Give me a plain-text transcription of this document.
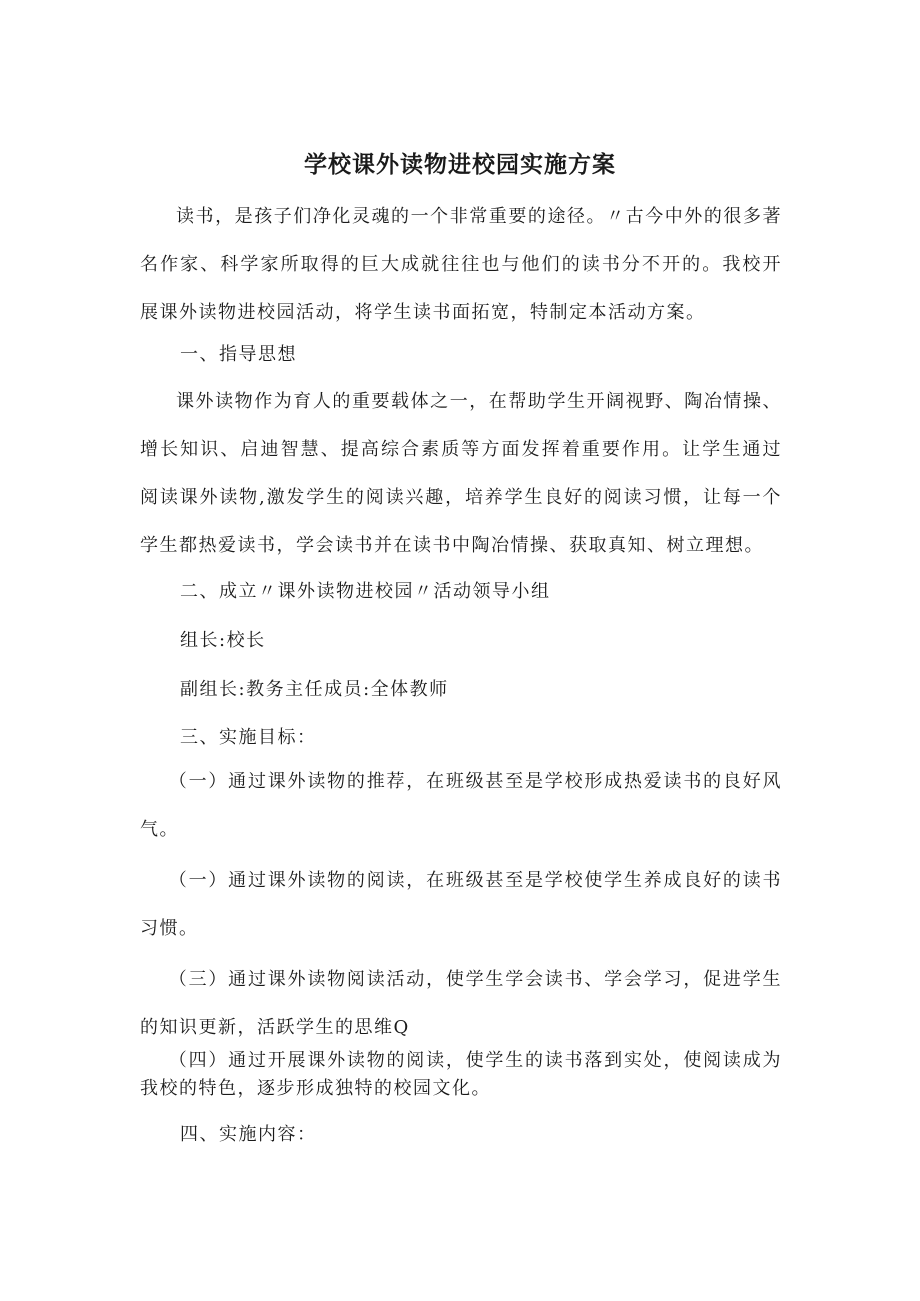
学校课外读物进校园实施方案
读书，是孩子们净化灵魂的一个非常重要的途径。〃古今中外的很多著名作家、科学家所取得的巨大成就往往也与他们的读书分不开的。我校开展课外读物进校园活动，将学生读书面拓宽，特制定本活动方案。
一、指导思想
课外读物作为育人的重要载体之一，在帮助学生开阔视野、陶冶情操、增长知识、启迪智慧、提高综合素质等方面发挥着重要作用。让学生通过阅读课外读物,激发学生的阅读兴趣，培养学生良好的阅读习惯，让每一个学生都热爱读书，学会读书并在读书中陶冶情操、获取真知、树立理想。
二、成立〃课外读物进校园〃活动领导小组
组长:校长
副组长:教务主任成员:全体教师
三、实施目标：
（一）通过课外读物的推荐，在班级甚至是学校形成热爱读书的良好风气。
（一）通过课外读物的阅读，在班级甚至是学校使学生养成良好的读书习惯。
（三）通过课外读物阅读活动，使学生学会读书、学会学习，促进学生的知识更新，活跃学生的思维Q
（四）通过开展课外读物的阅读，使学生的读书落到实处，使阅读成为我校的特色，逐步形成独特的校园文化。
四、实施内容：
